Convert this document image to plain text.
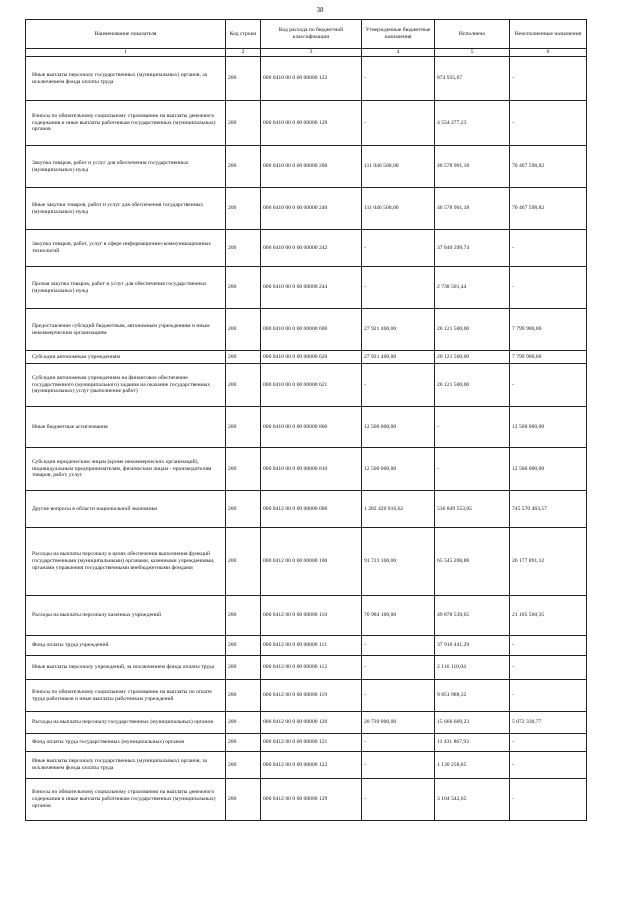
38
Наименование показателя	Код строки	Код расхода по бюджетной классификации	Утвержденные бюджетные назначения	Исполнено	Неисполненные назначения
1	2	3	4	5	6
Иные выплаты персоналу государственных (муниципальных) органов, за исключением фонда оплаты труда	200	000 0410 00 0 00 00000 122	-	874 935,67	-
Взносы по обязательному социальному страхованию на выплаты денежного содержания и иные выплаты работникам государственных (муниципальных) органов	200	000 0410 00 0 00 00000 129	-	4 554 277,23	-
Закупка товаров, работ и услуг для обеспечения государственных (муниципальных) нужд	200	000 0410 00 0 00 00000 200	111 046 500,00	40 578 901,18	70 467 598,82
Иные закупки товаров, работ и услуг для обеспечения государственных (муниципальных) нужд	200	000 0410 00 0 00 00000 240	111 046 500,00	40 578 901,18	70 467 598,82
Закупка товаров, работ, услуг в сфере информационно-коммуникационных технологий	200	000 0410 00 0 00 00000 242	-	37 840 399,74	-
Прочая закупка товаров, работ и услуг для обеспечения государственных (муниципальных) нужд	200	000 0410 00 0 00 00000 244	-	2 738 501,44	-
Предоставление субсидий бюджетным, автономным учреждениям и иным некоммерческим организациям	200	000 0410 00 0 00 00000 600	27 921 400,00	20 121 500,00	7 799 900,00
Субсидии автономным учреждениям	200	000 0410 00 0 00 00000 620	27 921 400,00	20 121 500,00	7 799 900,00
Субсидии автономным учреждениям на финансовое обеспечение государственного (муниципального) задания на оказание государственных (муниципальных) услуг (выполнение работ)	200	000 0410 00 0 00 00000 621	-	20 121 500,00	-
Иные бюджетные ассигнования	200	000 0410 00 0 00 00000 800	12 500 000,00	-	12 500 000,00
Субсидии юридическим лицам (кроме некоммерческих организаций), индивидуальным предпринимателям, физическим лицам - производителям товаров, работ, услуг	200	000 0410 00 0 00 00000 810	12 500 000,00	-	12 500 000,00
Другие вопросы в области национальной экономики	200	000 0412 00 0 00 00000 000	1 282 420 016,62	536 849 553,05	745 570 463,57
Расходы на выплаты персоналу в целях обеспечения выполнения функций государственными (муниципальными) органами, казенными учреждениями, органами управления государственными внебюджетными фондами	200	000 0412 00 0 00 00000 100	91 723 100,00	65 545 208,88	26 177 891,12
Расходы на выплаты персоналу казенных учреждений	200	000 0412 00 0 00 00000 110	70 984 100,00	49 878 539,65	21 105 560,35
Фонд оплаты труда учреждений	200	000 0412 00 0 00 00000 111	-	37 910 441,29	-
Иные выплаты персоналу учреждений, за исключением фонда оплаты труда	200	000 0412 00 0 00 00000 112	-	2 116 110,04	-
Взносы по обязательному социальному страхованию на выплаты по оплате труда работников и иные выплаты работникам учреждений	200	000 0412 00 0 00 00000 119	-	9 851 988,32	-
Расходы на выплаты персоналу государственных (муниципальных) органов	200	000 0412 00 0 00 00000 120	20 739 000,00	15 666 669,23	5 072 330,77
Фонд оплаты труда государственных (муниципальных) органов	200	000 0412 00 0 00 00000 121	-	11 431 867,93	-
Иные выплаты персоналу государственных (муниципальных) органов, за исключением фонда оплаты труда	200	000 0412 00 0 00 00000 122	-	1 130 258,65	-
Взносы по обязательному социальному страхованию на выплаты денежного содержания и иные выплаты работникам государственных (муниципальных) органов	200	000 0412 00 0 00 00000 129	-	3 104 542,65	-
